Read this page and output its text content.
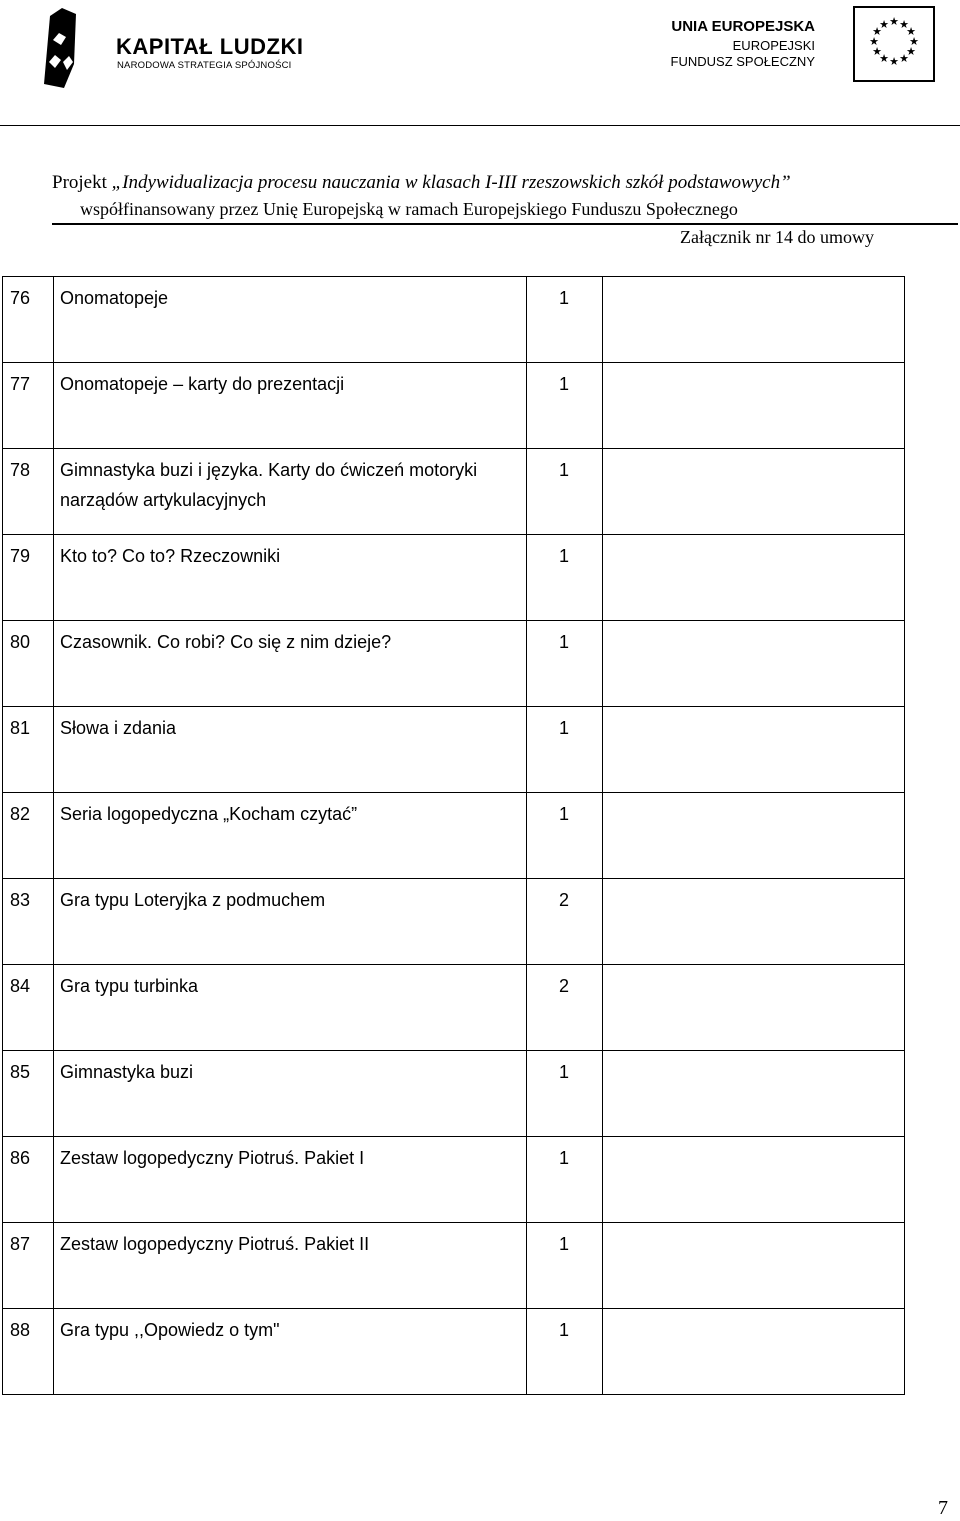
KAPITAŁ LUDZKI
NARODOWA STRATEGIA SPÓJNOŚCI
UNIA EUROPEJSKA
EUROPEJSKI
FUNDUSZ SPOŁECZNY
★ ★
★
★
★
★
★
★
★
★
★
★
Projekt „Indywidualizacja procesu nauczania w klasach I-III rzeszowskich szkół podstawowych”
współfinansowany przez Unię Europejską w ramach Europejskiego Funduszu Społecznego
Załącznik nr 14 do umowy
76	Onomatopeje	1	
77	Onomatopeje – karty do prezentacji	1	
78	Gimnastyka buzi i języka. Karty do ćwiczeń motoryki narządów artykulacyjnych	1	
79	Kto to? Co to? Rzeczowniki	1	
80	Czasownik. Co robi? Co się z nim dzieje?	1	
81	Słowa i zdania	1	
82	Seria logopedyczna „Kocham czytać”	1	
83	Gra typu Loteryjka z podmuchem	2	
84	Gra typu turbinka	2	
85	Gimnastyka buzi	1	
86	Zestaw logopedyczny Piotruś. Pakiet I	1	
87	Zestaw logopedyczny Piotruś. Pakiet II	1	
88	Gra typu ,,Opowiedz o tym"	1	
7
